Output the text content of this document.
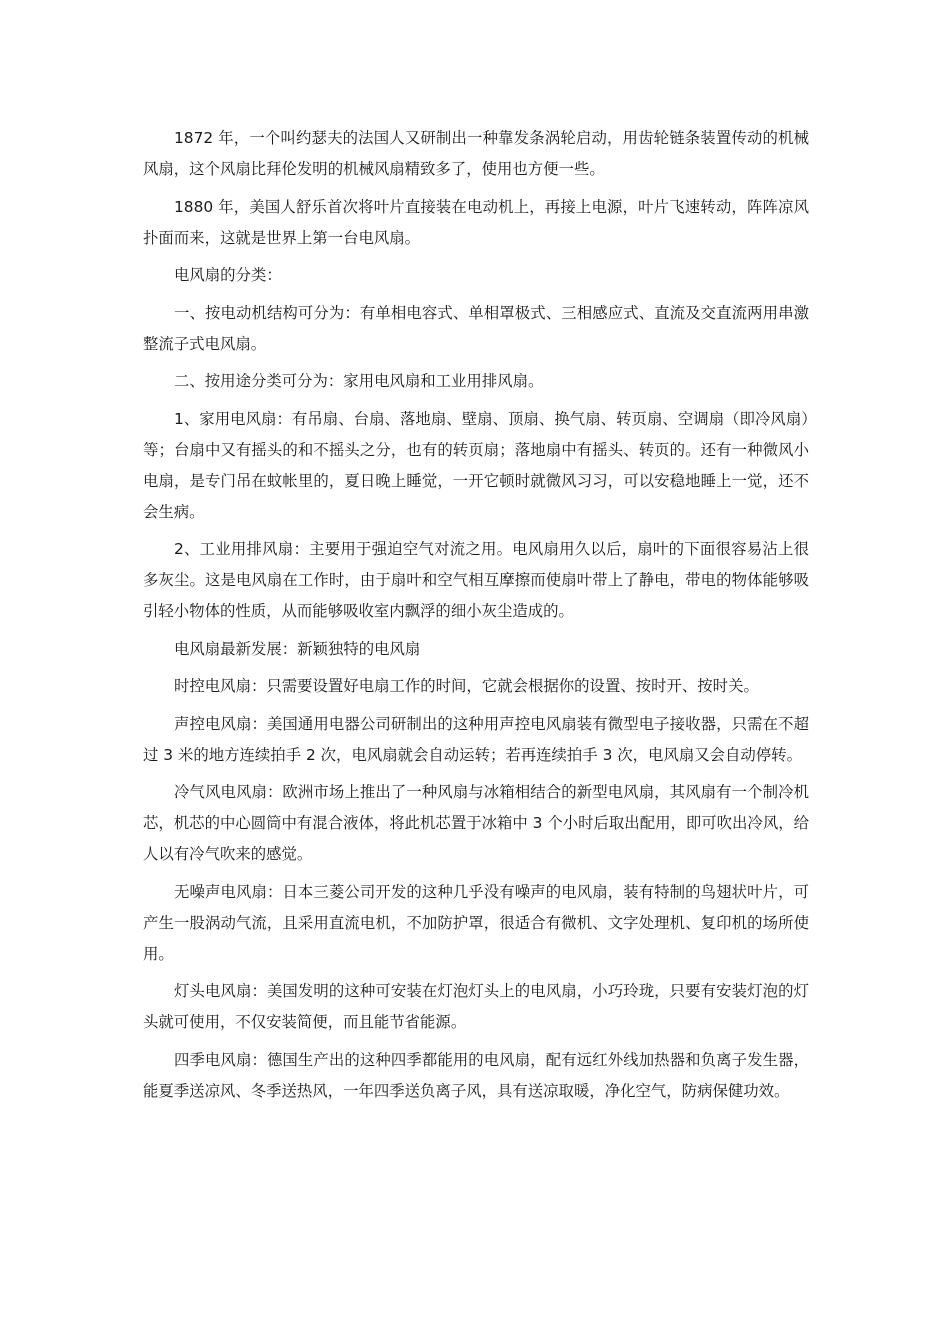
1872 年，一个叫约瑟夫的法国人又研制出一种靠发条涡轮启动，用齿轮链条装置传动的机械风扇，这个风扇比拜伦发明的机械风扇精致多了，使用也方便一些。

1880 年，美国人舒乐首次将叶片直接装在电动机上，再接上电源，叶片飞速转动，阵阵凉风扑面而来，这就是世界上第一台电风扇。

电风扇的分类：

一、按电动机结构可分为：有单相电容式、单相罩极式、三相感应式、直流及交直流两用串激整流子式电风扇。

二、按用途分类可分为：家用电风扇和工业用排风扇。

1、家用电风扇：有吊扇、台扇、落地扇、壁扇、顶扇、换气扇、转页扇、空调扇（即冷风扇）等；台扇中又有摇头的和不摇头之分，也有的转页扇；落地扇中有摇头、转页的。还有一种微风小电扇，是专门吊在蚊帐里的，夏日晚上睡觉，一开它顿时就微风习习，可以安稳地睡上一觉，还不会生病。

2、工业用排风扇：主要用于强迫空气对流之用。电风扇用久以后，扇叶的下面很容易沾上很多灰尘。这是电风扇在工作时，由于扇叶和空气相互摩擦而使扇叶带上了静电，带电的物体能够吸引轻小物体的性质，从而能够吸收室内飘浮的细小灰尘造成的。

电风扇最新发展：新颖独特的电风扇

时控电风扇：只需要设置好电扇工作的时间，它就会根据你的设置、按时开、按时关。

声控电风扇：美国通用电器公司研制出的这种用声控电风扇装有微型电子接收器，只需在不超过 3 米的地方连续拍手 2 次，电风扇就会自动运转；若再连续拍手 3 次，电风扇又会自动停转。

冷气风电风扇：欧洲市场上推出了一种风扇与冰箱相结合的新型电风扇，其风扇有一个制冷机芯，机芯的中心圆筒中有混合液体，将此机芯置于冰箱中 3 个小时后取出配用，即可吹出冷风，给人以有冷气吹来的感觉。

无噪声电风扇：日本三菱公司开发的这种几乎没有噪声的电风扇，装有特制的鸟翅状叶片，可产生一股涡动气流，且采用直流电机，不加防护罩，很适合有微机、文字处理机、复印机的场所使用。

灯头电风扇：美国发明的这种可安装在灯泡灯头上的电风扇，小巧玲珑，只要有安装灯泡的灯头就可使用，不仅安装简便，而且能节省能源。

四季电风扇：德国生产出的这种四季都能用的电风扇，配有远红外线加热器和负离子发生器，能夏季送凉风、冬季送热风，一年四季送负离子风，具有送凉取暖，净化空气，防病保健功效。
